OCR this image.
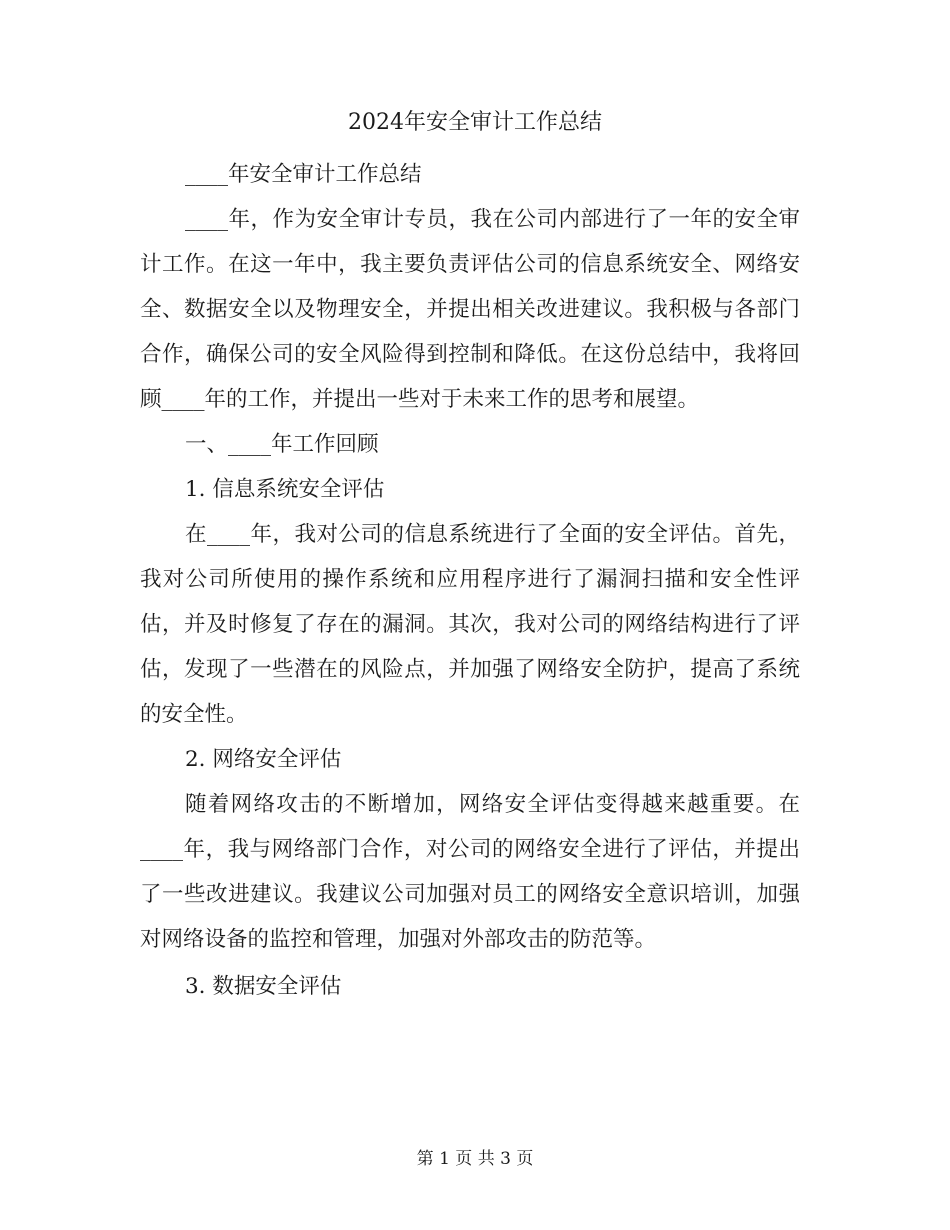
2024年安全审计工作总结

____年安全审计工作总结

____年，作为安全审计专员，我在公司内部进行了一年的安全审计工作。在这一年中，我主要负责评估公司的信息系统安全、网络安全、数据安全以及物理安全，并提出相关改进建议。我积极与各部门合作，确保公司的安全风险得到控制和降低。在这份总结中，我将回顾____年的工作，并提出一些对于未来工作的思考和展望。

一、____年工作回顾

1. 信息系统安全评估

在____年，我对公司的信息系统进行了全面的安全评估。首先，我对公司所使用的操作系统和应用程序进行了漏洞扫描和安全性评估，并及时修复了存在的漏洞。其次，我对公司的网络结构进行了评估，发现了一些潜在的风险点，并加强了网络安全防护，提高了系统的安全性。

2. 网络安全评估

随着网络攻击的不断增加，网络安全评估变得越来越重要。在____年，我与网络部门合作，对公司的网络安全进行了评估，并提出了一些改进建议。我建议公司加强对员工的网络安全意识培训，加强对网络设备的监控和管理，加强对外部攻击的防范等。

3. 数据安全评估

第 1 页 共 3 页
